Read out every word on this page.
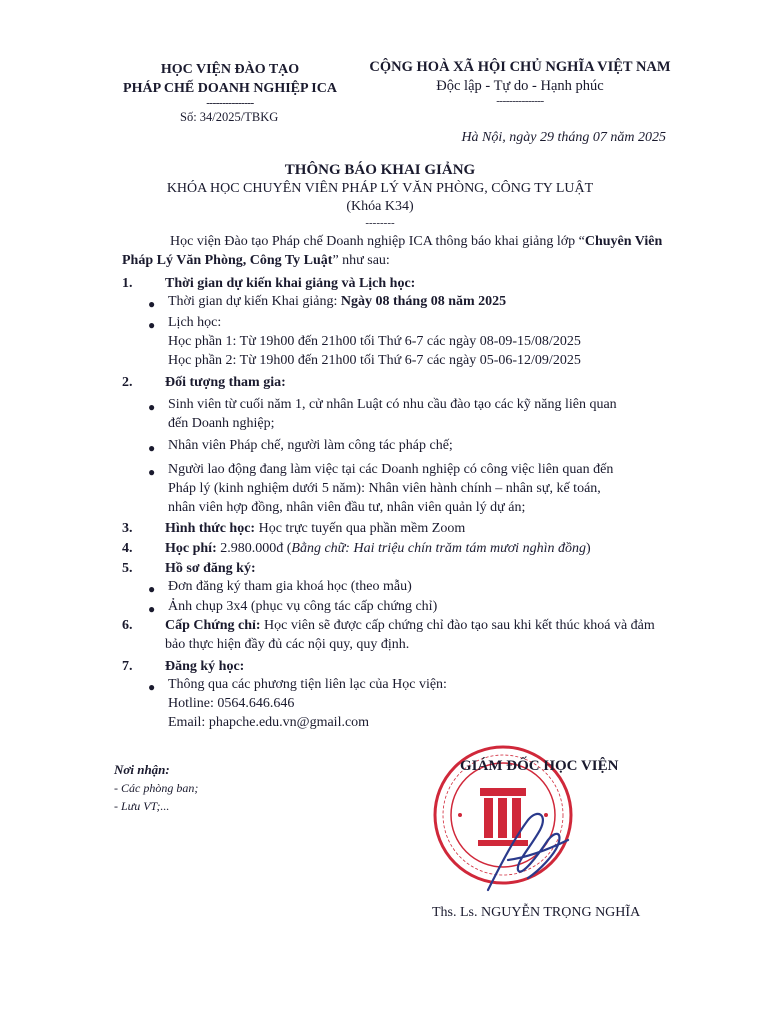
HỌC VIỆN ĐÀO TẠO
PHÁP CHẾ DOANH NGHIỆP ICA
---------------
Số: 34/2025/TBKG
CỘNG HOÀ XÃ HỘI CHỦ NGHĨA VIỆT NAM
Độc lập - Tự do - Hạnh phúc
---------------
Hà Nội, ngày 29 tháng 07 năm 2025
THÔNG BÁO KHAI GIẢNG
KHÓA HỌC CHUYÊN VIÊN PHÁP LÝ VĂN PHÒNG, CÔNG TY LUẬT
(Khóa K34)
--------
Học viện Đào tạo Pháp chế Doanh nghiệp ICA thông báo khai giảng lớp “Chuyên Viên
Pháp Lý Văn Phòng, Công Ty Luật” như sau:
1. Thời gian dự kiến khai giảng và Lịch học:
● Thời gian dự kiến Khai giảng: Ngày 08 tháng 08 năm 2025
● Lịch học:
Học phần 1: Từ 19h00 đến 21h00 tối Thứ 6-7 các ngày 08-09-15/08/2025
Học phần 2: Từ 19h00 đến 21h00 tối Thứ 6-7 các ngày 05-06-12/09/2025
2. Đối tượng tham gia:
● Sinh viên từ cuối năm 1, cử nhân Luật có nhu cầu đào tạo các kỹ năng liên quan
đến Doanh nghiệp;
● Nhân viên Pháp chế, người làm công tác pháp chế;
● Người lao động đang làm việc tại các Doanh nghiệp có công việc liên quan đến
Pháp lý (kinh nghiệm dưới 5 năm): Nhân viên hành chính – nhân sự, kế toán,
nhân viên hợp đồng, nhân viên đầu tư, nhân viên quản lý dự án;
3. Hình thức học: Học trực tuyến qua phần mềm Zoom
4. Học phí: 2.980.000đ (Bằng chữ: Hai triệu chín trăm tám mươi nghìn đồng)
5. Hồ sơ đăng ký:
● Đơn đăng ký tham gia khoá học (theo mẫu)
● Ảnh chụp 3x4 (phục vụ công tác cấp chứng chỉ)
6. Cấp Chứng chỉ: Học viên sẽ được cấp chứng chỉ đào tạo sau khi kết thúc khoá và đảm
bảo thực hiện đầy đủ các nội quy, quy định.
7. Đăng ký học:
● Thông qua các phương tiện liên lạc của Học viện:
Hotline: 0564.646.646
Email: phapche.edu.vn@gmail.com
Nơi nhận:
- Các phòng ban;
- Lưu VT;...
GIÁM ĐỐC HỌC VIỆN
Ths. Ls. NGUYỄN TRỌNG NGHĨA
